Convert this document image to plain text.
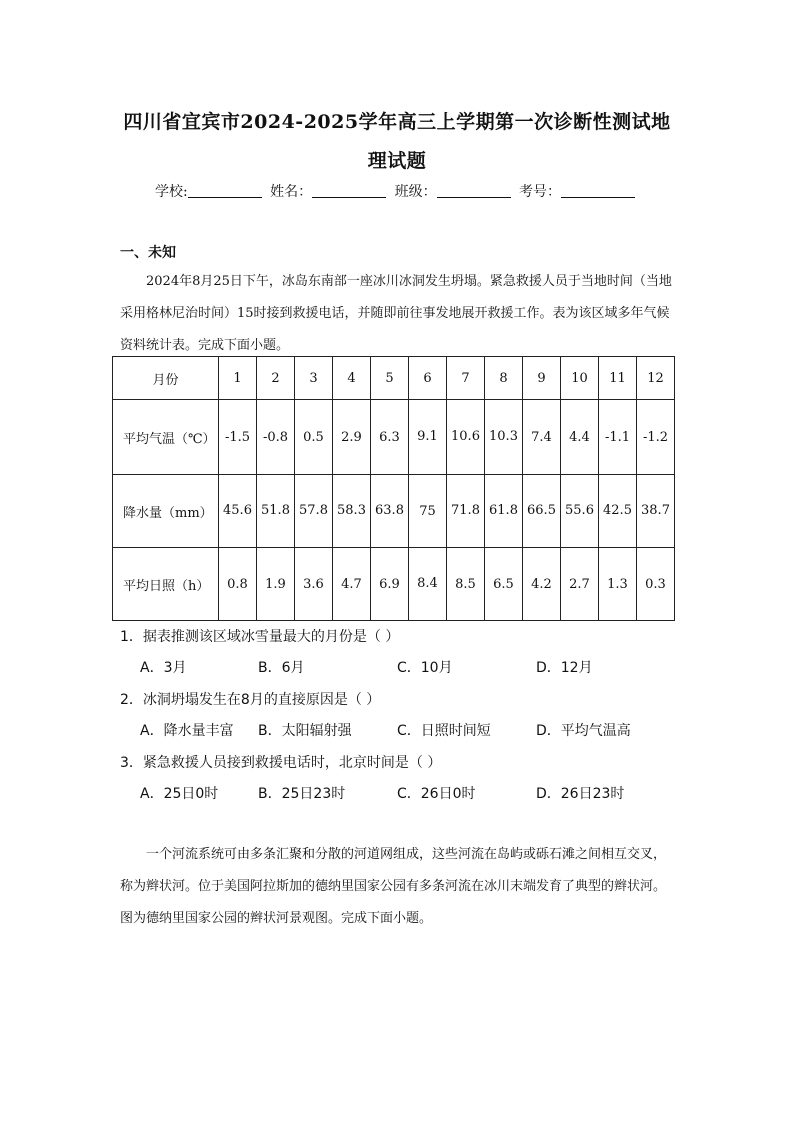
四川省宜宾市2024-2025学年高三上学期第一次诊断性测试地
理试题
学校:	姓名：	班级：	考号：
一、未知
2024年8月25日下午，冰岛东南部一座冰川冰洞发生坍塌。紧急救援人员于当地时间（当地采用格林尼治时间）15时接到救援电话，并随即前往事发地展开救援工作。表为该区域多年气候资料统计表。完成下面小题。
月份	1	2	3	4	5	6	7	8	9	10	11	12
平均气温（℃）	-1.5	-0.8	0.5	2.9	6.3	9.1	10.6	10.3	7.4	4.4	-1.1	-1.2
降水量（mm）	45.6	51.8	57.8	58.3	63.8	75	71.8	61.8	66.5	55.6	42.5	38.7
平均日照（h）	0.8	1.9	3.6	4.7	6.9	8.4	8.5	6.5	4.2	2.7	1.3	0.3
1．据表推测该区域冰雪量最大的月份是（ ）
A．3月	B．6月	C．10月	D．12月
2．冰洞坍塌发生在8月的直接原因是（ ）
A．降水量丰富 B．太阳辐射强	C．日照时间短	D．平均气温高
3．紧急救援人员接到救援电话时，北京时间是（ ）
A．25日0时	B．25日23时	C．26日0时	D．26日23时
一个河流系统可由多条汇聚和分散的河道网组成，这些河流在岛屿或砾石滩之间相互交叉，称为辫状河。位于美国阿拉斯加的德纳里国家公园有多条河流在冰川末端发育了典型的辫状河。图为德纳里国家公园的辫状河景观图。完成下面小题。
